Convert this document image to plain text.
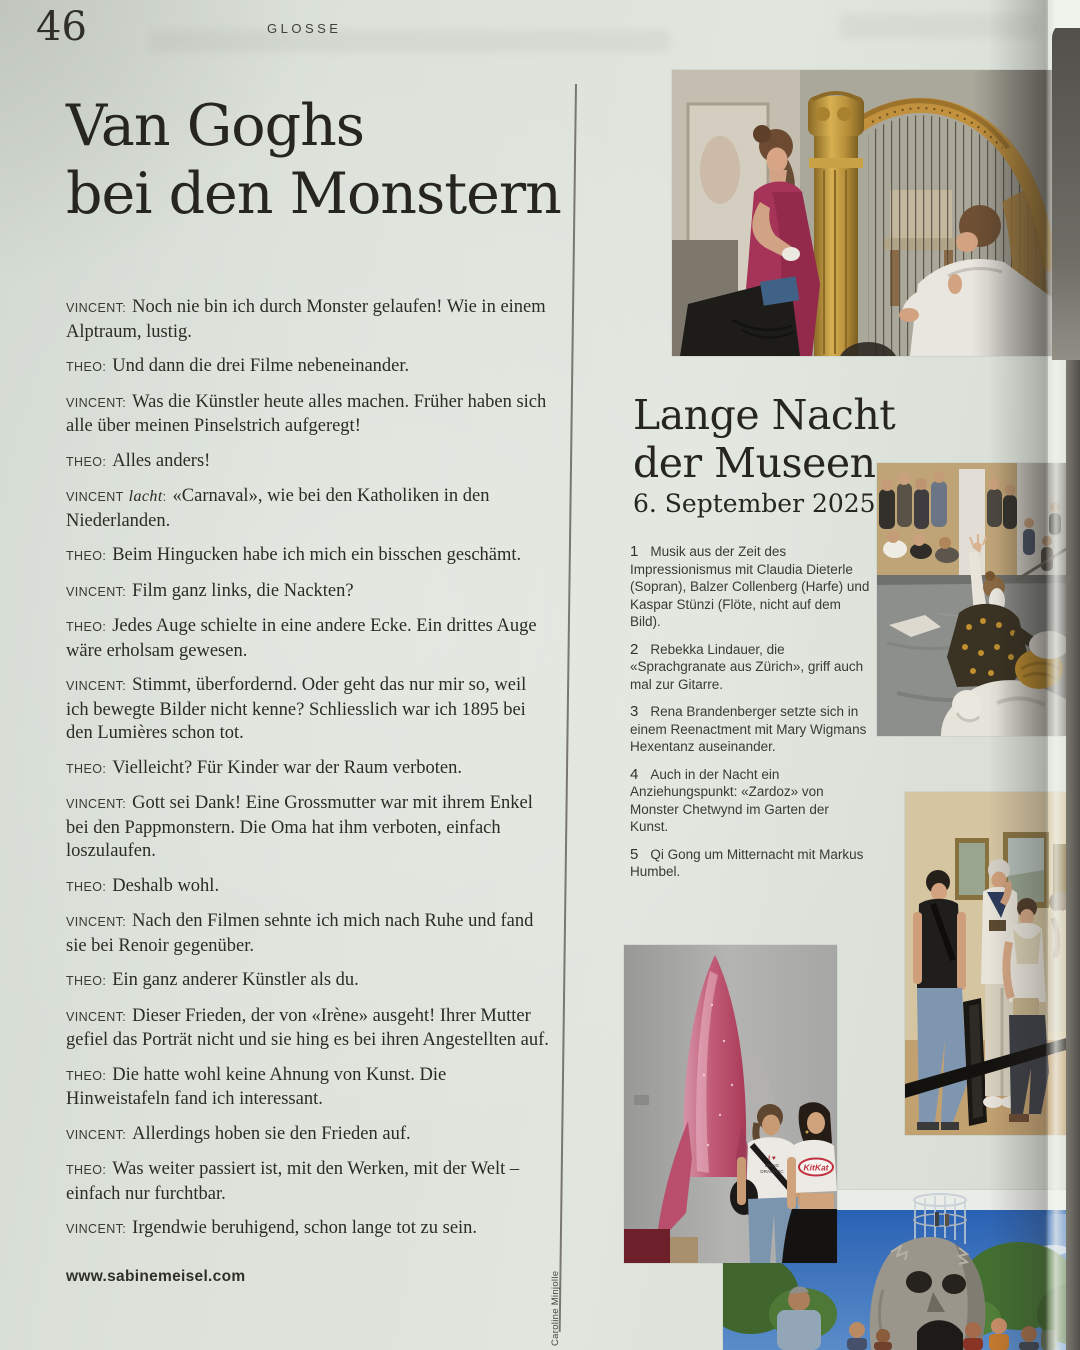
46	GLOSSE
Van Goghs
bei den Monstern

VINCENT : Noch nie bin ich durch Monster gelaufen! Wie in einem Alptraum, lustig.

THEO : Und dann die drei Filme nebeneinander.

VINCENT : Was die Künstler heute alles machen. Früher haben sich alle über meinen Pinselstrich aufgeregt!

THEO : Alles anders!

VINCENT lacht : «Carnaval», wie bei den Katholiken in den Niederlanden.

THEO : Beim Hingucken habe ich mich ein bisschen geschämt.

VINCENT : Film ganz links, die Nackten?

THEO : Jedes Auge schielte in eine andere Ecke. Ein drittes Auge wäre erholsam gewesen.

VINCENT : Stimmt, überfordernd. Oder geht das nur mir so, weil ich bewegte Bilder nicht kenne? Schliesslich war ich 1895 bei den Lumières schon tot.

THEO : Vielleicht? Für Kinder war der Raum verboten.

VINCENT : Gott sei Dank! Eine Grossmutter war mit ihrem Enkel bei den Pappmonstern. Die Oma hat ihm verboten, einfach loszulaufen.

THEO : Deshalb wohl.

VINCENT : Nach den Filmen sehnte ich mich nach Ruhe und fand sie bei Renoir gegenüber.

THEO : Ein ganz anderer Künstler als du.

VINCENT : Dieser Frieden, der von «Irène» ausgeht! Ihrer Mutter gefiel das Porträt nicht und sie hing es bei ihren Angestellten auf.

THEO : Die hatte wohl keine Ahnung von Kunst. Die Hinweistafeln fand ich interessant.

VINCENT : Allerdings hoben sie den Frieden auf.

THEO : Was weiter passiert ist, mit den Werken, mit der Welt – einfach nur furchtbar.

VINCENT : Irgendwie beruhigend, schon lange tot zu sein.

www.sabinemeisel.com	Caroline Minjolle
Lange Nacht
der Museen
6. September 2025

1 Musik aus der Zeit des Impressionismus mit Claudia Dieterle (Sopran), Balzer Collenberg (Harfe) und Kaspar Stünzi (Flöte, nicht auf dem Bild).

2 Rebekka Lindauer, die «Sprachgranate aus Zürich», griff auch mal zur Gitarre.

3 Rena Brandenberger setzte sich in einem Reenactment mit Mary Wigmans Hexentanz auseinander.

4 Auch in der Nacht ein Anziehungspunkt: «Zardoz» von Monster Chetwynd im Garten der Kunst.

5 Qi Gong um Mitternacht mit Markus Humbel.

I ♥
BEING
DRAMATIC KitKat
